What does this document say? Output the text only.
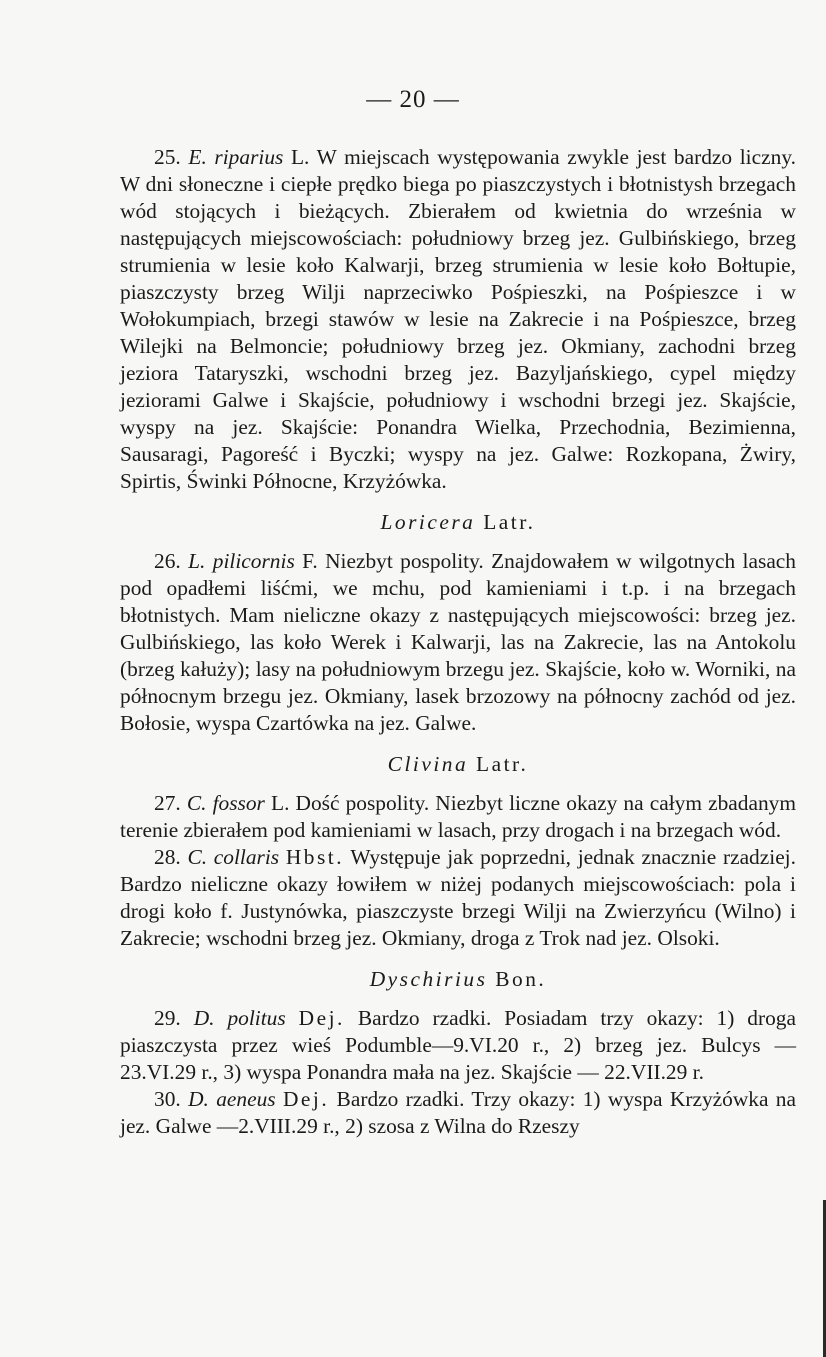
— 20 —

25. E. riparius L. W miejscach występowania zwykle jest bardzo liczny. W dni słoneczne i ciepłe prędko biega po piaszczystych i błotnistysh brzegach wód stojących i bieżących. Zbierałem od kwietnia do września w następujących miejscowościach: południowy brzeg jez. Gulbińskiego, brzeg strumienia w lesie koło Kalwarji, brzeg strumienia w lesie koło Bołtupie, piaszczysty brzeg Wilji naprzeciwko Pośpieszki, na Pośpieszce i w Wołokumpiach, brzegi stawów w lesie na Zakrecie i na Pośpieszce, brzeg Wilejki na Belmoncie; południowy brzeg jez. Okmiany, zachodni brzeg jeziora Tataryszki, wschodni brzeg jez. Bazyljańskiego, cypel między jeziorami Galwe i Skajście, południowy i wschodni brzegi jez. Skajście, wyspy na jez. Skajście: Ponandra Wielka, Przechodnia, Bezimienna, Sausaragi, Pagoreść i Byczki; wyspy na jez. Galwe: Rozkopana, Żwiry, Spirtis, Świnki Północne, Krzyżówka.

Loricera Latr.

26. L. pilicornis F. Niezbyt pospolity. Znajdowałem w wilgotnych lasach pod opadłemi liśćmi, we mchu, pod kamieniami i t.p. i na brzegach błotnistych. Mam nieliczne okazy z następujących miejscowości: brzeg jez. Gulbińskiego, las koło Werek i Kalwarji, las na Zakrecie, las na Antokolu (brzeg kałuży); lasy na południowym brzegu jez. Skajście, koło w. Worniki, na północnym brzegu jez. Okmiany, lasek brzozowy na północny zachód od jez. Bołosie, wyspa Czartówka na jez. Galwe.

Clivina Latr.

27. C. fossor L. Dość pospolity. Niezbyt liczne okazy na całym zbadanym terenie zbierałem pod kamieniami w lasach, przy drogach i na brzegach wód.

28. C. collaris Hbst. Występuje jak poprzedni, jednak znacznie rzadziej. Bardzo nieliczne okazy łowiłem w niżej podanych miejscowościach: pola i drogi koło f. Justynówka, piaszczyste brzegi Wilji na Zwierzyńcu (Wilno) i Zakrecie; wschodni brzeg jez. Okmiany, droga z Trok nad jez. Olsoki.

Dyschirius Bon.

29. D. politus Dej. Bardzo rzadki. Posiadam trzy okazy: 1) droga piaszczysta przez wieś Podumble—9.VI.20 r., 2) brzeg jez. Bulcys — 23.VI.29 r., 3) wyspa Ponandra mała na jez. Skajście — 22.VII.29 r.

30. D. aeneus Dej. Bardzo rzadki. Trzy okazy: 1) wyspa Krzyżówka na jez. Galwe —2.VIII.29 r., 2) szosa z Wilna do Rzeszy
